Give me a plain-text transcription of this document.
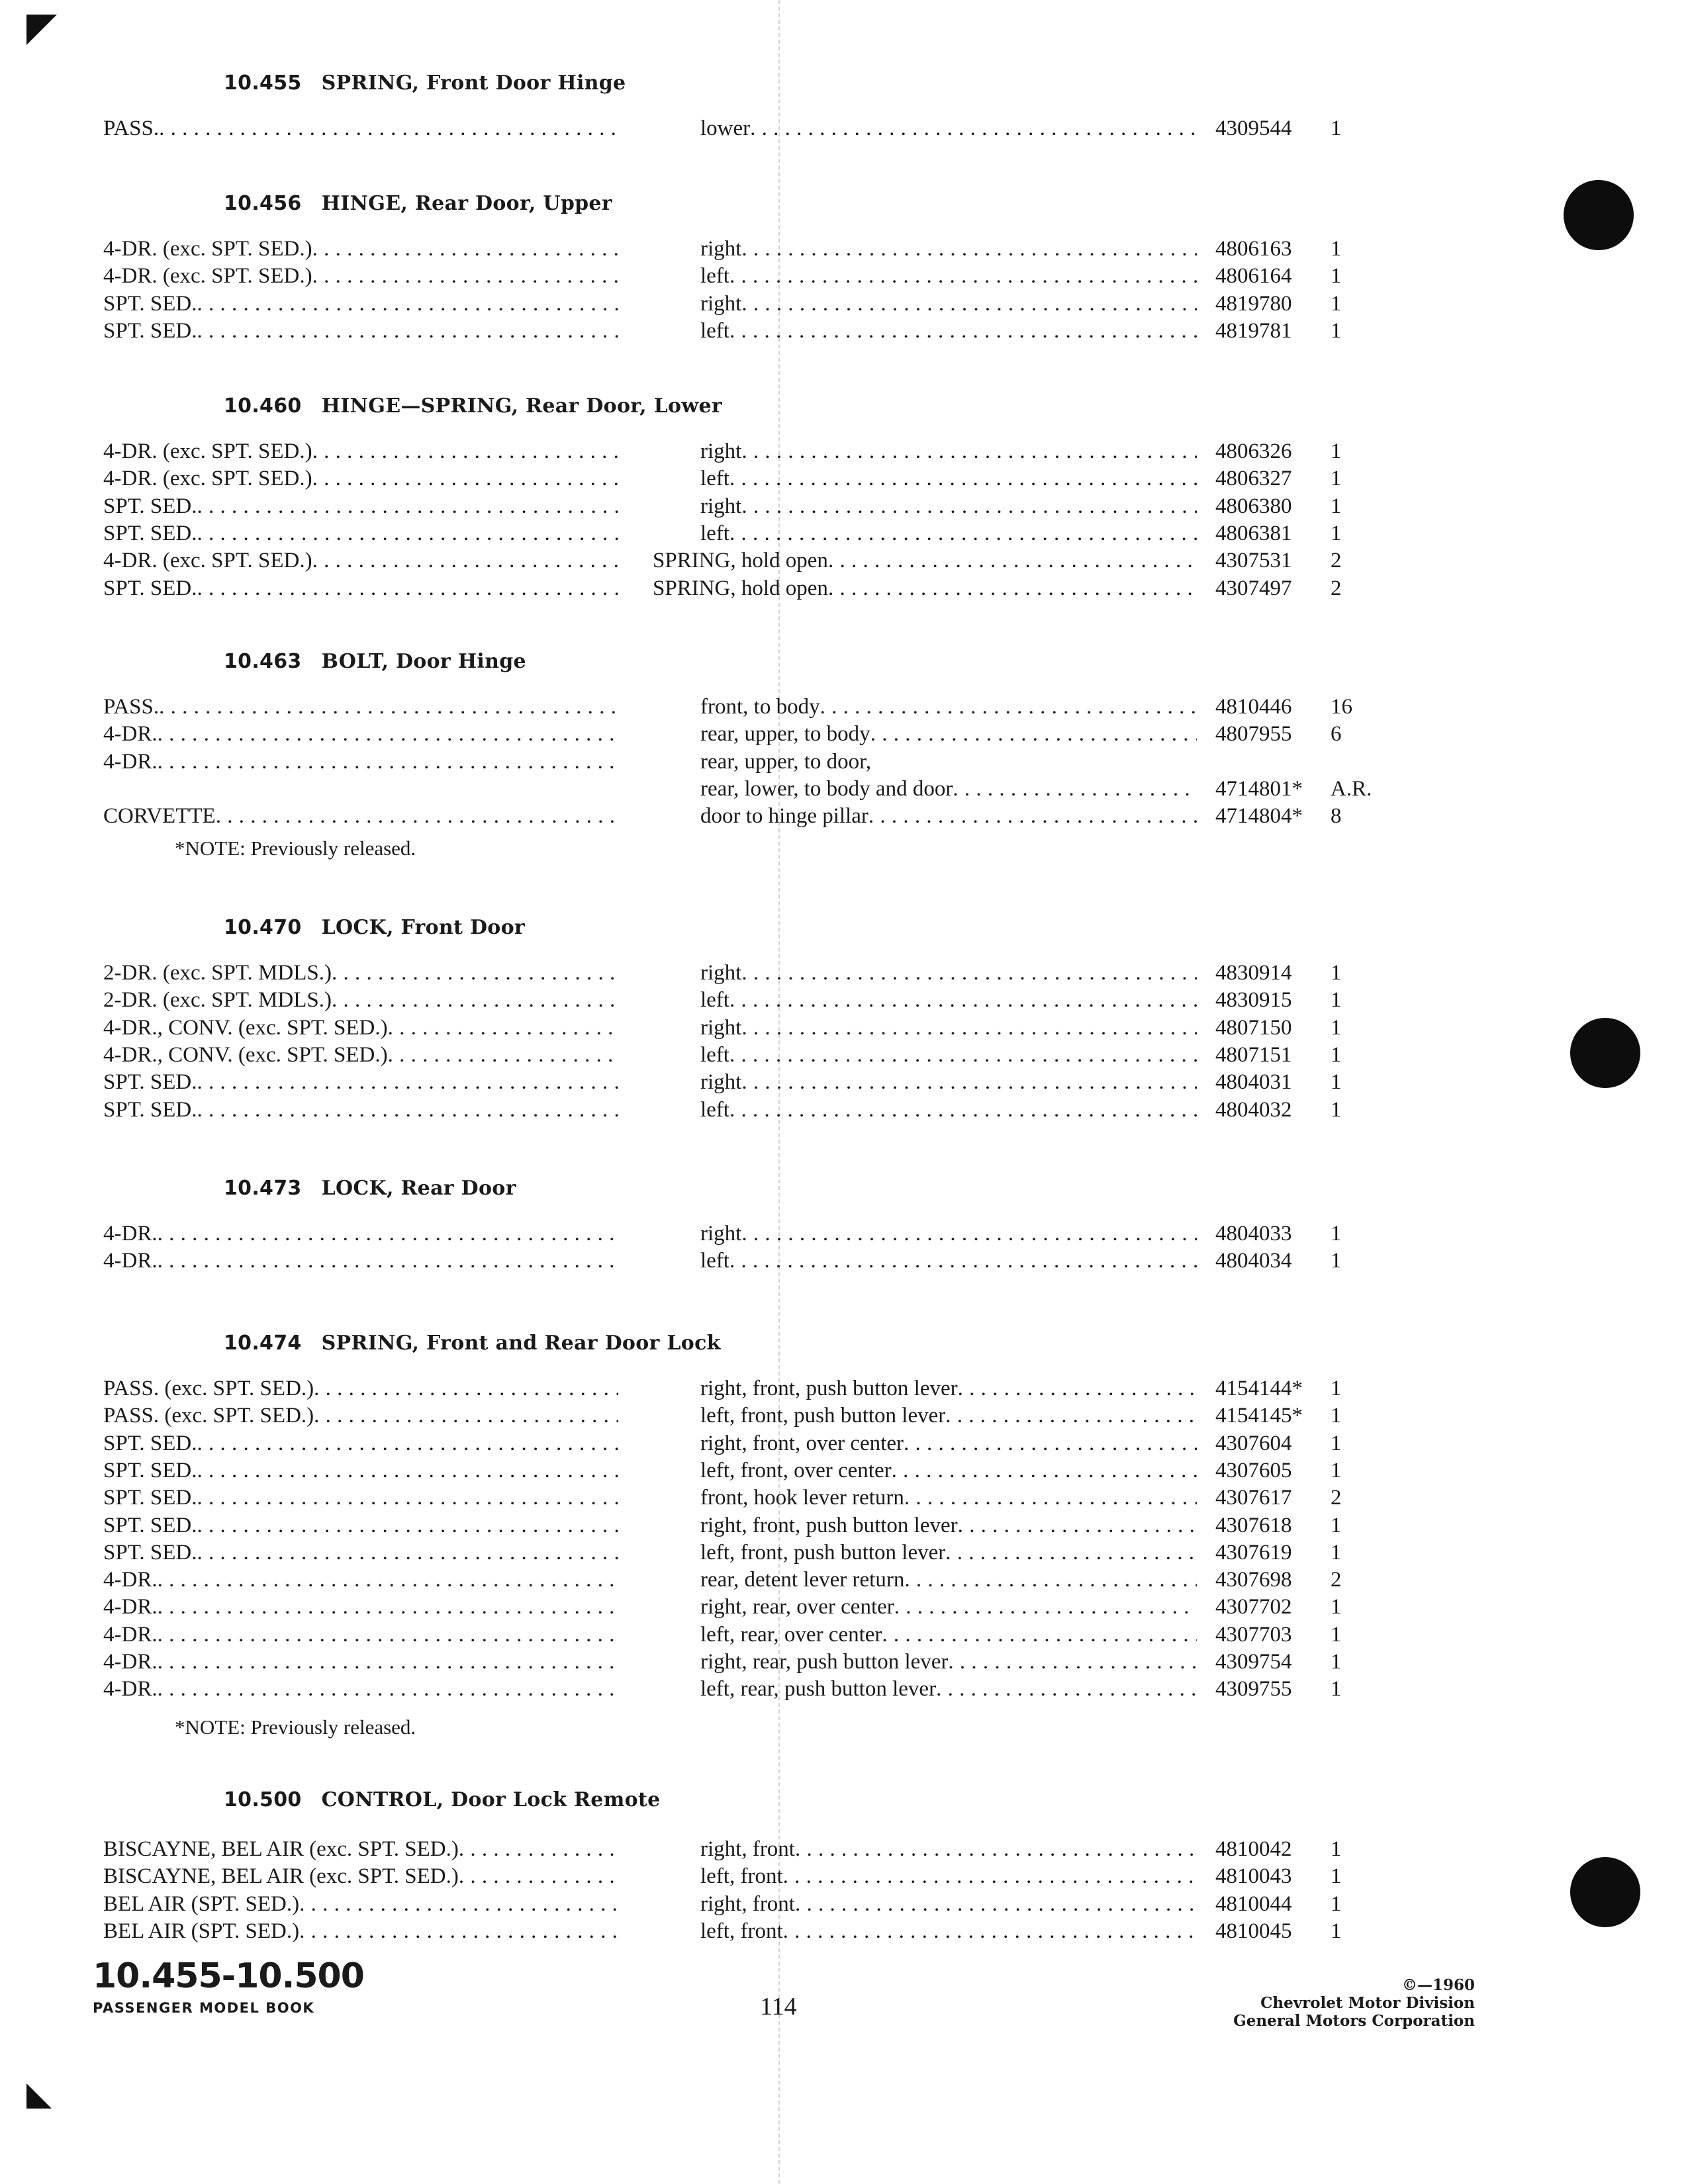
10.455 SPRING, Front Door Hinge
PASS. . . .	lower . . .	4309544	1
10.456 HINGE, Rear Door, Upper
4-DR. (exc. SPT. SED.) . . .	right . . .	4806163	1
4-DR. (exc. SPT. SED.) . . .	left . . .	4806164	1
SPT. SED. . . .	right . . .	4819780	1
SPT. SED. . . .	left . . .	4819781	1
10.460 HINGE—SPRING, Rear Door, Lower
4-DR. (exc. SPT. SED.) . . .	right . . .	4806326	1
4-DR. (exc. SPT. SED.) . . .	left . . .	4806327	1
SPT. SED. . . .	right . . .	4806380	1
SPT. SED. . . .	left . . .	4806381	1
4-DR. (exc. SPT. SED.) . . .	SPRING, hold open . . .	4307531	2
SPT. SED. . . .	SPRING, hold open . . .	4307497	2
10.463 BOLT, Door Hinge
PASS. . . .	front, to body . . .	4810446	16
4-DR. . . .	rear, upper, to body . . .	4807955	6
4-DR. . . .	rear, upper, to door,
rear, lower, to body and door . . .	4714801*	A.R.
CORVETTE . . .	door to hinge pillar . . .	4714804*	8
*NOTE: Previously released.
10.470 LOCK, Front Door
2-DR. (exc. SPT. MDLS.) . . .	right . . .	4830914	1
2-DR. (exc. SPT. MDLS.) . . .	left . . .	4830915	1
4-DR., CONV. (exc. SPT. SED.) . . .	right . . .	4807150	1
4-DR., CONV. (exc. SPT. SED.) . . .	left . . .	4807151	1
SPT. SED. . . .	right . . .	4804031	1
SPT. SED. . . .	left . . .	4804032	1
10.473 LOCK, Rear Door
4-DR. . . .	right . . .	4804033	1
4-DR. . . .	left . . .	4804034	1
10.474 SPRING, Front and Rear Door Lock
PASS. (exc. SPT. SED.) . . .	right, front, push button lever . . .	4154144*	1
PASS. (exc. SPT. SED.) . . .	left, front, push button lever . . .	4154145*	1
SPT. SED. . . .	right, front, over center . . .	4307604	1
SPT. SED. . . .	left, front, over center . . .	4307605	1
SPT. SED. . . .	front, hook lever return . . .	4307617	2
SPT. SED. . . .	right, front, push button lever . . .	4307618	1
SPT. SED. . . .	left, front, push button lever . . .	4307619	1
4-DR. . . .	rear, detent lever return . . .	4307698	2
4-DR. . . .	right, rear, over center . . .	4307702	1
4-DR. . . .	left, rear, over center . . .	4307703	1
4-DR. . . .	right, rear, push button lever . . .	4309754	1
4-DR. . . .	left, rear, push button lever . . .	4309755	1
*NOTE: Previously released.
10.500 CONTROL, Door Lock Remote
BISCAYNE, BEL AIR (exc. SPT. SED.) . . .	right, front . . .	4810042	1
BISCAYNE, BEL AIR (exc. SPT. SED.) . . .	left, front . . .	4810043	1
BEL AIR (SPT. SED.) . . .	right, front . . .	4810044	1
BEL AIR (SPT. SED.) . . .	left, front . . .	4810045	1
10.455-10.500
PASSENGER MODEL BOOK	114
©—1960
Chevrolet Motor Division
General Motors Corporation
